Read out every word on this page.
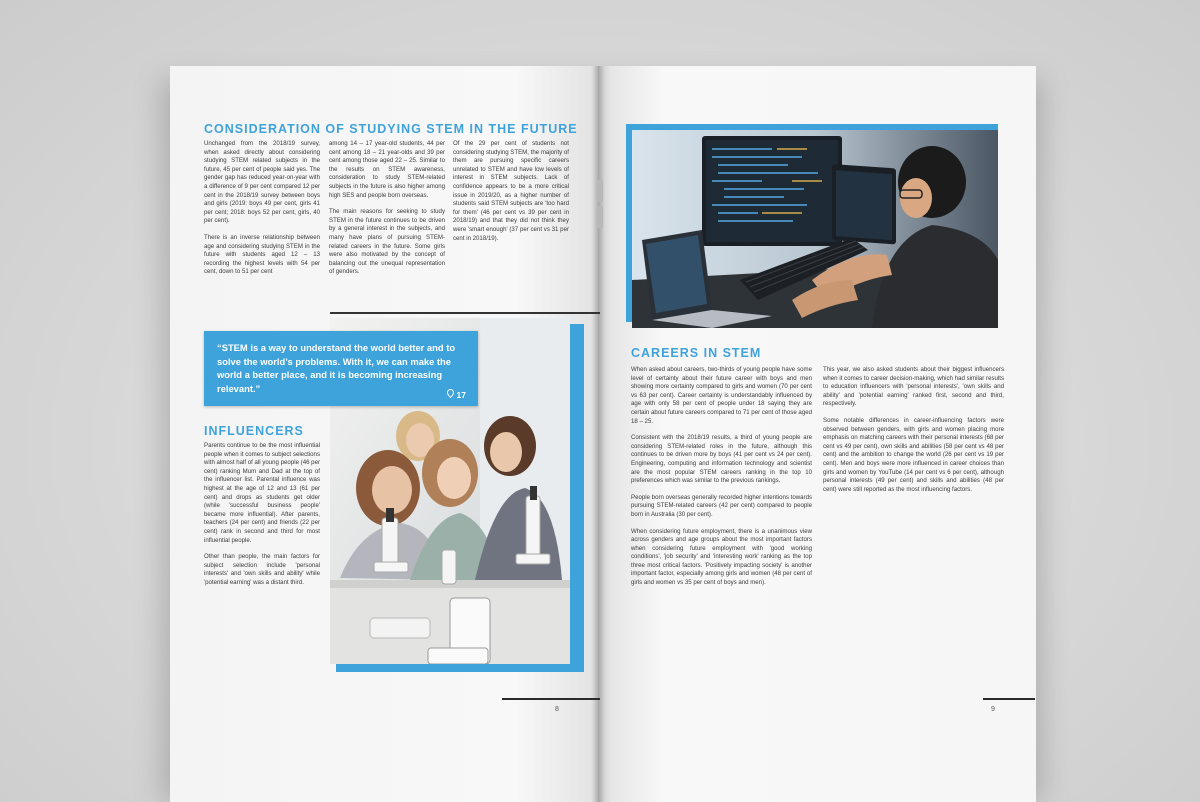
CONSIDERATION OF STUDYING STEM IN THE FUTURE

Unchanged from the 2018/19 survey, when asked directly about considering studying STEM related subjects in the future, 45 per cent of people said yes. The gender gap has reduced year-on-year with a difference of 9 per cent compared 12 per cent in the 2018/19 survey between boys and girls (2019: boys 49 per cent, girls 41 per cent; 2018: boys 52 per cent, girls, 40 per cent).

There is an inverse relationship between age and considering studying STEM in the future with students aged 12 – 13 recording the highest levels with 54 per cent, down to 51 per cent

among 14 – 17 year-old students, 44 per cent among 18 – 21 year-olds and 39 per cent among those aged 22 – 25. Similar to the results on STEM awareness, consideration to study STEM-related subjects in the future is also higher among high SES and people born overseas.

The main reasons for seeking to study STEM in the future continues to be driven by a general interest in the subjects, and many have plans of pursuing STEM-related careers in the future. Some girls were also motivated by the concept of balancing out the unequal representation of genders.

Of the 29 per cent of students not considering studying STEM, the majority of them are pursuing specific careers unrelated to STEM and have low levels of interest in STEM subjects. Lack of confidence appears to be a more critical issue in 2019/20, as a higher number of students said STEM subjects are 'too hard for them' (46 per cent vs 39 per cent in 2018/19) and that they did not think they were 'smart enough' (37 per cent vs 31 per cent in 2018/19).

“STEM is a way to understand the world better and to solve the world’s problems. With it, we can make the world a better place, and it is becoming increasing relevant.”
17
INFLUENCERS

Parents continue to be the most influential people when it comes to subject selections with almost half of all young people (46 per cent) ranking Mum and Dad at the top of the influencer list. Parental influence was highest at the age of 12 and 13 (61 per cent) and drops as students get older (while 'successful business people' became more influential). After parents, teachers (24 per cent) and friends (22 per cent) rank in second and third for most influential people.

Other than people, the main factors for subject selection include 'personal interests' and 'own skills and ability' while 'potential earning' was a distant third.

8
CAREERS IN STEM

When asked about careers, two-thirds of young people have some level of certainty about their future career with boys and men showing more certainty compared to girls and women (70 per cent vs 63 per cent). Career certainty is understandably influenced by age with only 58 per cent of people under 18 saying they are certain about future careers compared to 71 per cent of those aged 18 – 25.

Consistent with the 2018/19 results, a third of young people are considering STEM-related roles in the future, although this continues to be driven more by boys (41 per cent vs 24 per cent). Engineering, computing and information technology and scientist are the most popular STEM careers ranking in the top 10 preferences which was similar to the previous rankings.

People born overseas generally recorded higher intentions towards pursuing STEM-related careers (42 per cent) compared to people born in Australia (30 per cent).

When considering future employment, there is a unanimous view across genders and age groups about the most important factors when considering future employment with 'good working conditions', 'job security' and 'interesting work' ranking as the top three most critical factors. 'Positively impacting society' is another important factor, especially among girls and women (48 per cent of girls and women vs 35 per cent of boys and men).

This year, we also asked students about their biggest influencers when it comes to career decision-making, which had similar results to education influencers with 'personal interests', 'own skills and ability' and 'potential earning' ranked first, second and third, respectively.

Some notable differences in career-influencing factors were observed between genders, with girls and women placing more emphasis on matching careers with their personal interests (68 per cent vs 49 per cent), own skills and abilities (58 per cent vs 48 per cent) and the ambition to change the world (26 per cent vs 19 per cent). Men and boys were more influenced in career choices than girls and women by YouTube (14 per cent vs 6 per cent), although personal interests (49 per cent) and skills and abilities (48 per cent) were still reported as the most influencing factors.

9
